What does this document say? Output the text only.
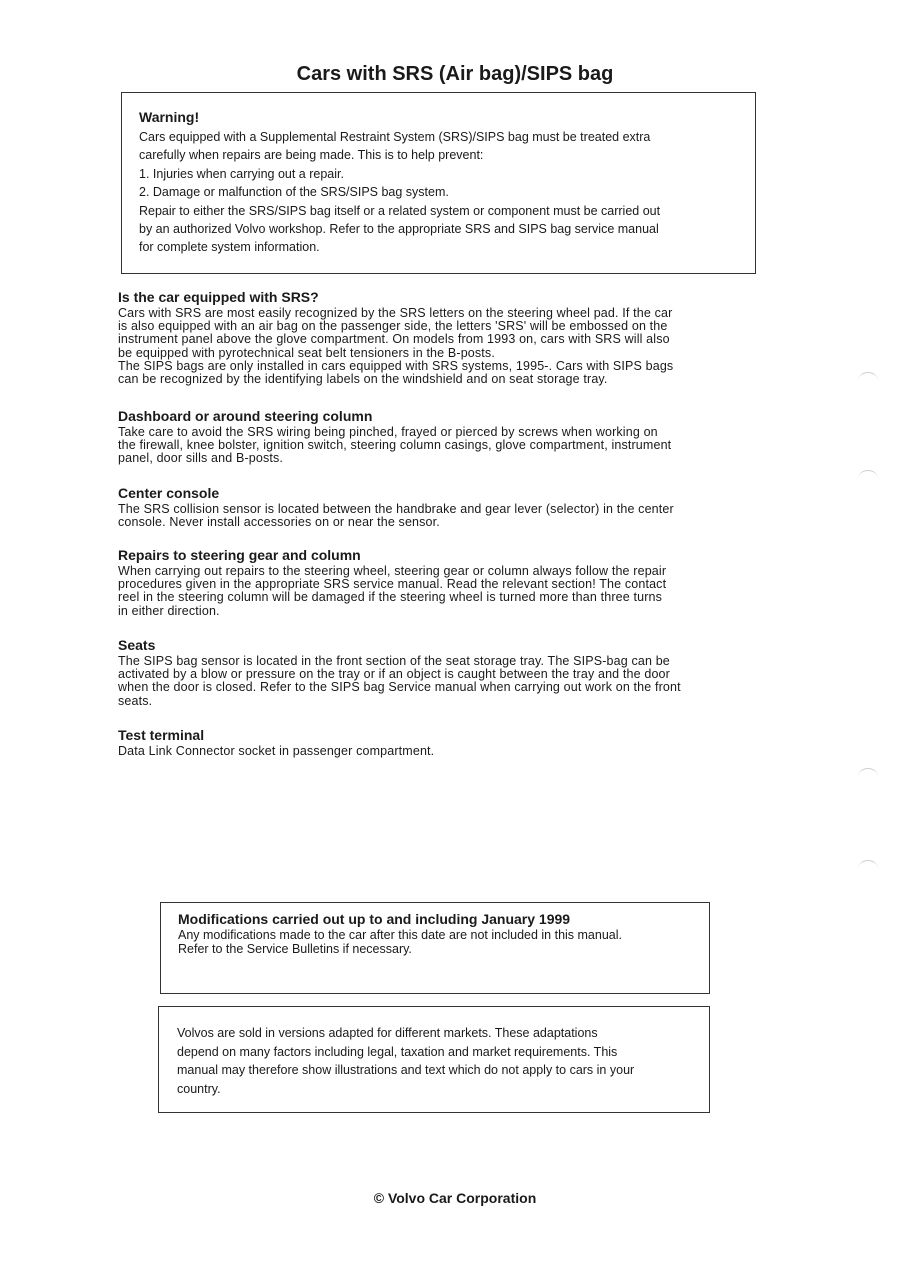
Cars with SRS (Air bag)/SIPS bag
Warning!

Cars equipped with a Supplemental Restraint System (SRS)/SIPS bag must be treated extra

carefully when repairs are being made. This is to help prevent:

1. Injuries when carrying out a repair.

2. Damage or malfunction of the SRS/SIPS bag system.

Repair to either the SRS/SIPS bag itself or a related system or component must be carried out

by an authorized Volvo workshop. Refer to the appropriate SRS and SIPS bag service manual

for complete system information.

Is the car equipped with SRS?

Cars with SRS are most easily recognized by the SRS letters on the steering wheel pad. If the car

is also equipped with an air bag on the passenger side, the letters 'SRS' will be embossed on the

instrument panel above the glove compartment. On models from 1993 on, cars with SRS will also

be equipped with pyrotechnical seat belt tensioners in the B-posts.

The SIPS bags are only installed in cars equipped with SRS systems, 1995-. Cars with SIPS bags

can be recognized by the identifying labels on the windshield and on seat storage tray.

Dashboard or around steering column

Take care to avoid the SRS wiring being pinched, frayed or pierced by screws when working on

the firewall, knee bolster, ignition switch, steering column casings, glove compartment, instrument

panel, door sills and B-posts.

Center console

The SRS collision sensor is located between the handbrake and gear lever (selector) in the center

console. Never install accessories on or near the sensor.

Repairs to steering gear and column

When carrying out repairs to the steering wheel, steering gear or column always follow the repair

procedures given in the appropriate SRS service manual. Read the relevant section! The contact

reel in the steering column will be damaged if the steering wheel is turned more than three turns

in either direction.

Seats

The SIPS bag sensor is located in the front section of the seat storage tray. The SIPS-bag can be

activated by a blow or pressure on the tray or if an object is caught between the tray and the door

when the door is closed. Refer to the SIPS bag Service manual when carrying out work on the front

seats.

Test terminal

Data Link Connector socket in passenger compartment.

Modifications carried out up to and including January 1999

Any modifications made to the car after this date are not included in this manual.

Refer to the Service Bulletins if necessary.

Volvos are sold in versions adapted for different markets. These adaptations

depend on many factors including legal, taxation and market requirements. This

manual may therefore show illustrations and text which do not apply to cars in your

country.

© Volvo Car Corporation
